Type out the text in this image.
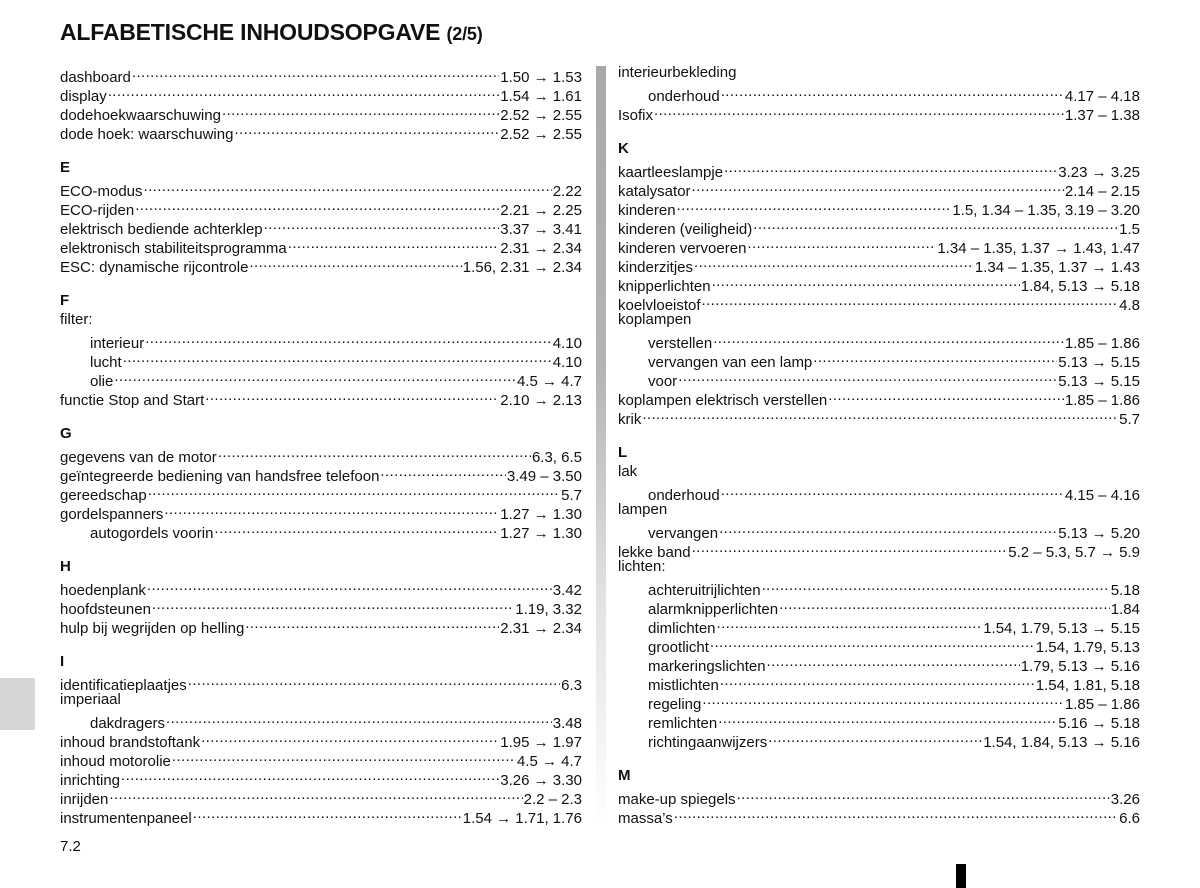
ALFABETISCHE INHOUDSOPGAVE (2/5)
dashboard .....	1.50 → 1.53
display .....	1.54 → 1.61
dodehoekwaarschuwing .....	2.52 → 2.55
dode hoek: waarschuwing .....	2.52 → 2.55
E
ECO-modus .....	2.22
ECO-rijden .....	2.21 → 2.25
elektrisch bediende achterklep .....	3.37 → 3.41
elektronisch stabiliteitsprogramma .....	2.31 → 2.34
ESC: dynamische rijcontrole .....	1.56, 2.31 → 2.34
F
filter:
interieur .....	4.10
lucht .....	4.10
olie .....	4.5 → 4.7
functie Stop and Start .....	2.10 → 2.13
G
gegevens van de motor .....	6.3, 6.5
geïntegreerde bediening van handsfree telefoon .....	3.49 – 3.50
gereedschap .....	5.7
gordelspanners .....	1.27 → 1.30
autogordels voorin .....	1.27 → 1.30
H
hoedenplank .....	3.42
hoofdsteunen .....	1.19, 3.32
hulp bij wegrijden op helling .....	2.31 → 2.34
I
identificatieplaatjes .....	6.3
imperiaal
dakdragers .....	3.48
inhoud brandstoftank .....	1.95 → 1.97
inhoud motorolie .....	4.5 → 4.7
inrichting .....	3.26 → 3.30
inrijden .....	2.2 – 2.3
instrumentenpaneel .....	1.54 → 1.71, 1.76
interieurbekleding
onderhoud .....	4.17 – 4.18
Isofix .....	1.37 – 1.38
K
kaartleeslampje .....	3.23 → 3.25
katalysator .....	2.14 – 2.15
kinderen .....	1.5, 1.34 – 1.35, 3.19 – 3.20
kinderen (veiligheid) .....	1.5
kinderen vervoeren .....	1.34 – 1.35, 1.37 → 1.43, 1.47
kinderzitjes .....	1.34 – 1.35, 1.37 → 1.43
knipperlichten .....	1.84, 5.13 → 5.18
koelvloeistof .....	4.8
koplampen
verstellen .....	1.85 – 1.86
vervangen van een lamp .....	5.13 → 5.15
voor .....	5.13 → 5.15
koplampen elektrisch verstellen .....	1.85 – 1.86
krik .....	5.7
L
lak
onderhoud .....	4.15 – 4.16
lampen
vervangen .....	5.13 → 5.20
lekke band .....	5.2 – 5.3, 5.7 → 5.9
lichten:
achteruitrijlichten .....	5.18
alarmknipperlichten .....	1.84
dimlichten .....	1.54, 1.79, 5.13 → 5.15
grootlicht .....	1.54, 1.79, 5.13
markeringslichten .....	1.79, 5.13 → 5.16
mistlichten .....	1.54, 1.81, 5.18
regeling .....	1.85 – 1.86
remlichten .....	5.16 → 5.18
richtingaanwijzers .....	1.54, 1.84, 5.13 → 5.16
M
make-up spiegels .....	3.26
massa’s .....	6.6
7.2
